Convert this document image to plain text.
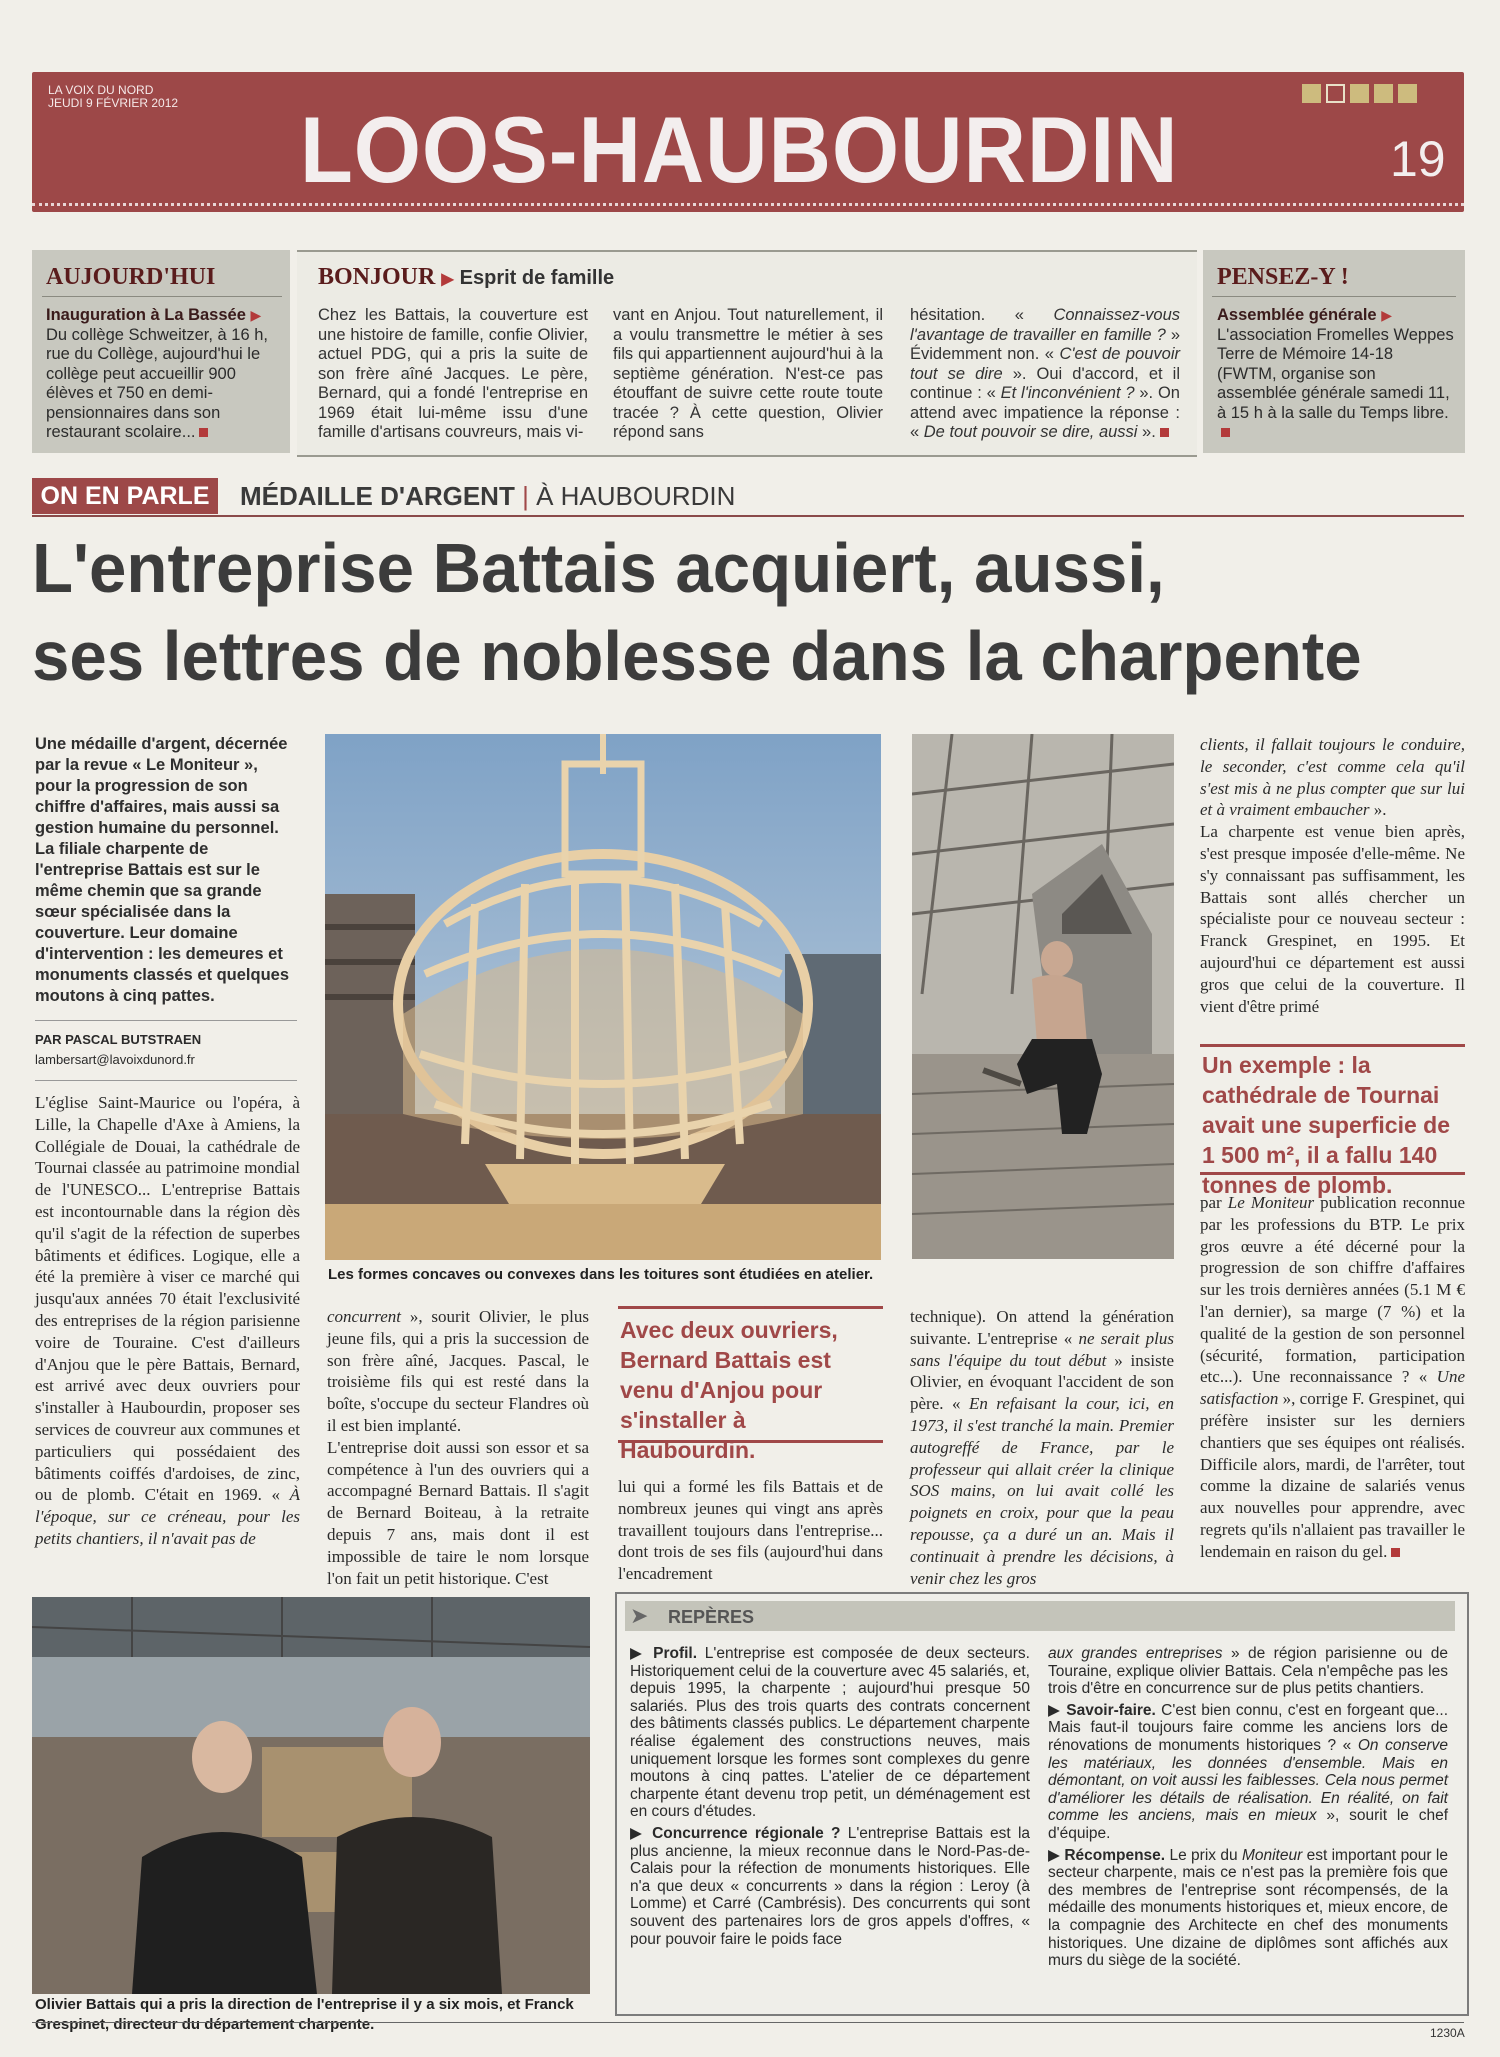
LA VOIX DU NORD
JEUDI 9 FÉVRIER 2012 LOOS-HAUBOURDIN	19
AUJOURD'HUI
Inauguration à La Bassée ▶ Du collège Schweitzer, à 16 h, rue du Collège, aujourd'hui le collège peut accueillir 900 élèves et 750 en demi-pensionnaires dans son restaurant scolaire...
BONJOUR ▶ Esprit de famille
Chez les Battais, la couverture est une histoire de famille, confie Olivier, actuel PDG, qui a pris la suite de son frère aîné Jacques. Le père, Bernard, qui a fondé l'entreprise en 1969 était lui-même issu d'une famille d'artisans couvreurs, mais vi-
vant en Anjou. Tout naturellement, il a voulu transmettre le métier à ses fils qui appartiennent aujourd'hui à la septième génération. N'est-ce pas étouffant de suivre cette route toute tracée ? À cette question, Olivier répond sans
hésitation. « Connaissez-vous l'avantage de travailler en famille ? » Évidemment non. « C'est de pouvoir tout se dire ». Oui d'accord, et il continue : « Et l'inconvénient ? ». On attend avec impatience la réponse : « De tout pouvoir se dire, aussi ».
PENSEZ-Y !
Assemblée générale ▶ L'association Fromelles Weppes Terre de Mémoire 14-18 (FWTM, organise son assemblée générale samedi 11, à 15 h à la salle du Temps libre.
ON EN PARLE	MÉDAILLE D'ARGENT | À HAUBOURDIN
L'entreprise Battais acquiert, aussi,
ses lettres de noblesse dans la charpente
Une médaille d'argent, décernée par la revue « Le Moniteur », pour la progression de son chiffre d'affaires, mais aussi sa gestion humaine du personnel. La filiale charpente de l'entreprise Battais est sur le même chemin que sa grande sœur spécialisée dans la couverture. Leur domaine d'intervention : les demeures et monuments classés et quelques moutons à cinq pattes.
PAR PASCAL BUTSTRAEN
lambersart@lavoixdunord.fr
L'église Saint-Maurice ou l'opéra, à Lille, la Chapelle d'Axe à Amiens, la Collégiale de Douai, la cathédrale de Tournai classée au patrimoine mondial de l'UNESCO... L'entreprise Battais est incontournable dans la région dès qu'il s'agit de la réfection de superbes bâtiments et édifices. Logique, elle a été la première à viser ce marché qui jusqu'aux années 70 était l'exclusivité des entreprises de la région parisienne voire de Touraine. C'est d'ailleurs d'Anjou que le père Battais, Bernard, est arrivé avec deux ouvriers pour s'installer à Haubourdin, proposer ses services de couvreur aux communes et particuliers qui possédaient des bâtiments coiffés d'ardoises, de zinc, ou de plomb. C'était en 1969. « À l'époque, sur ce créneau, pour les petits chantiers, il n'avait pas de
Les formes concaves ou convexes dans les toitures sont étudiées en atelier.

concurrent », sourit Olivier, le plus jeune fils, qui a pris la succession de son frère aîné, Jacques. Pascal, le troisième fils qui est resté dans la boîte, s'occupe du secteur Flandres où il est bien implanté.

L'entreprise doit aussi son essor et sa compétence à l'un des ouvriers qui a accompagné Bernard Battais. Il s'agit de Bernard Boiteau, à la retraite depuis 7 ans, mais dont il est impossible de taire le nom lorsque l'on fait un petit historique. C'est

Avec deux ouvriers, Bernard Battais est venu d'Anjou pour s'installer à Haubourdin.
lui qui a formé les fils Battais et de nombreux jeunes qui vingt ans après travaillent toujours dans l'entreprise... dont trois de ses fils (aujourd'hui dans l'encadrement
technique). On attend la génération suivante. L'entreprise « ne serait plus sans l'équipe du tout début » insiste Olivier, en évoquant l'accident de son père. « En refaisant la cour, ici, en 1973, il s'est tranché la main. Premier autogreffé de France, par le professeur qui allait créer la clinique SOS mains, on lui avait collé les poignets en croix, pour que la peau repousse, ça a duré un an. Mais il continuait à prendre les décisions, à venir chez les gros

clients, il fallait toujours le conduire, le seconder, c'est comme cela qu'il s'est mis à ne plus compter que sur lui et à vraiment embaucher ».

La charpente est venue bien après, s'est presque imposée d'elle-même. Ne s'y connaissant pas suffisamment, les Battais sont allés chercher un spécialiste pour ce nouveau secteur : Franck Grespinet, en 1995. Et aujourd'hui ce département est aussi gros que celui de la couverture. Il vient d'être primé

Un exemple : la cathédrale de Tournai avait une superficie de 1 500 m², il a fallu 140 tonnes de plomb.
par Le Moniteur publication reconnue par les professions du BTP. Le prix gros œuvre a été décerné pour la progression de son chiffre d'affaires sur les trois dernières années (5.1 M € l'an dernier), sa marge (7 %) et la qualité de la gestion de son personnel (sécurité, formation, participation etc...). Une reconnaissance ? « Une satisfaction », corrige F. Grespinet, qui préfère insister sur les derniers chantiers que ses équipes ont réalisés. Difficile alors, mardi, de l'arrêter, tout comme la dizaine de salariés venus aux nouvelles pour apprendre, avec regrets qu'ils n'allaient pas travailler le lendemain en raison du gel.
Olivier Battais qui a pris la direction de l'entreprise il y a six mois, et Franck Grespinet, directeur du département charpente.
➤ REPÈRES

▶ Profil. L'entreprise est composée de deux secteurs. Historiquement celui de la couverture avec 45 salariés, et, depuis 1995, la charpente ; aujourd'hui presque 50 salariés. Plus des trois quarts des contrats concernent des bâtiments classés publics. Le département charpente réalise également des constructions neuves, mais uniquement lorsque les formes sont complexes du genre moutons à cinq pattes. L'atelier de ce département charpente étant devenu trop petit, un déménagement est en cours d'études.

▶ Concurrence régionale ? L'entreprise Battais est la plus ancienne, la mieux reconnue dans le Nord-Pas-de-Calais pour la réfection de monuments historiques. Elle n'a que deux « concurrents » dans la région : Leroy (à Lomme) et Carré (Cambrésis). Des concurrents qui sont souvent des partenaires lors de gros appels d'offres, « pour pouvoir faire le poids face

aux grandes entreprises » de région parisienne ou de Touraine, explique olivier Battais. Cela n'empêche pas les trois d'être en concurrence sur de plus petits chantiers.

▶ Savoir-faire. C'est bien connu, c'est en forgeant que... Mais faut-il toujours faire comme les anciens lors de rénovations de monuments historiques ? « On conserve les matériaux, les données d'ensemble. Mais en démontant, on voit aussi les faiblesses. Cela nous permet d'améliorer les détails de réalisation. En réalité, on fait comme les anciens, mais en mieux », sourit le chef d'équipe.

▶ Récompense. Le prix du Moniteur est important pour le secteur charpente, mais ce n'est pas la première fois que des membres de l'entreprise sont récompensés, de la médaille des monuments historiques et, mieux encore, de la compagnie des Architecte en chef des monuments historiques. Une dizaine de diplômes sont affichés aux murs du siège de la société.

1230A
